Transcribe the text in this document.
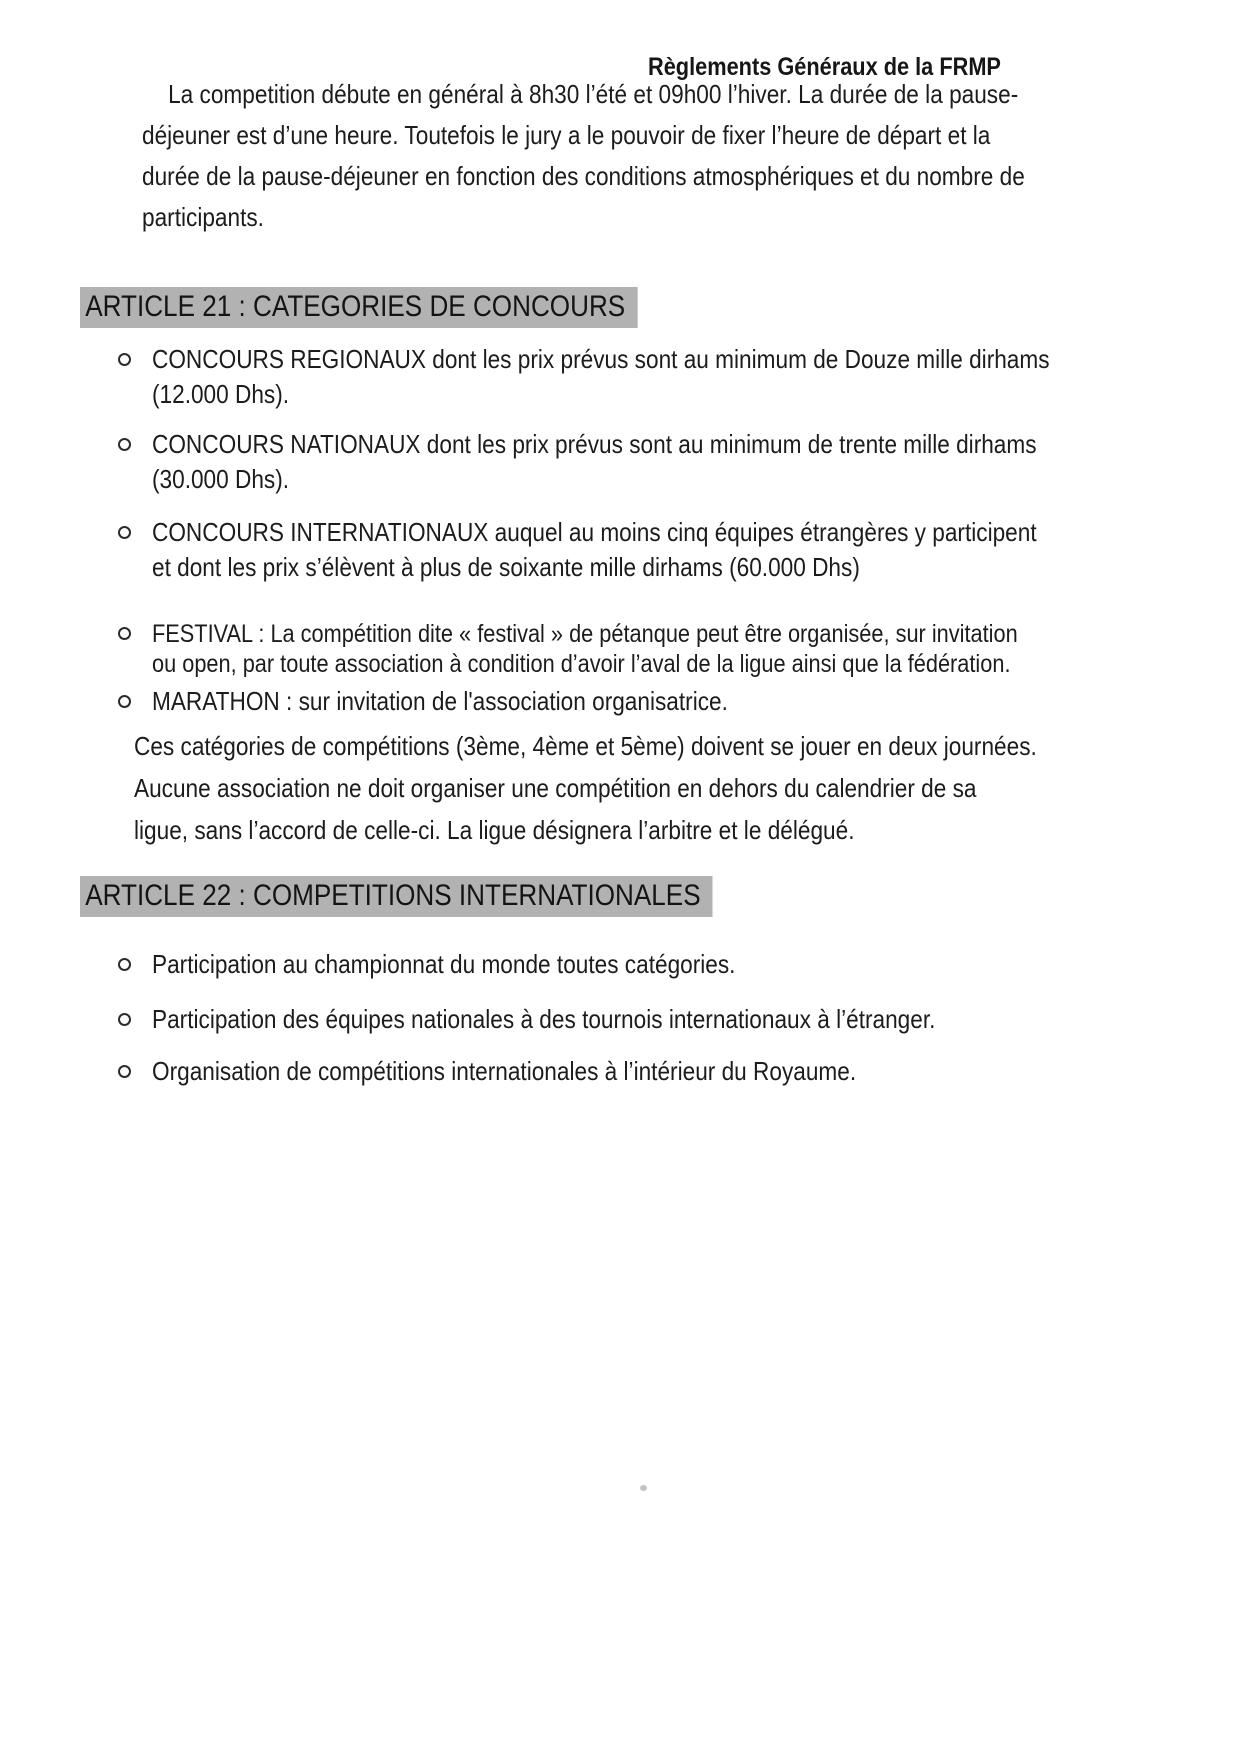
Règlements Généraux de la FRMP
La competition débute en général à 8h30 l’été et 09h00 l’hiver. La durée de la pause-
déjeuner est d’une heure. Toutefois le jury a le pouvoir de fixer l’heure de départ et la
durée de la pause-déjeuner en fonction des conditions atmosphériques et du nombre de
participants.
ARTICLE 21 : CATEGORIES DE CONCOURS
CONCOURS REGIONAUX dont les prix prévus sont au minimum de Douze mille dirhams
(12.000 Dhs).
CONCOURS NATIONAUX dont les prix prévus sont au minimum de trente mille dirhams
(30.000 Dhs).
CONCOURS INTERNATIONAUX auquel au moins cinq équipes étrangères y participent
et dont les prix s’élèvent à plus de soixante mille dirhams (60.000 Dhs)
FESTIVAL : La compétition dite « festival » de pétanque peut être organisée, sur invitation
ou open, par toute association à condition d’avoir l’aval de la ligue ainsi que la fédération.
MARATHON : sur invitation de l'association organisatrice.
Ces catégories de compétitions (3ème, 4ème et 5ème) doivent se jouer en deux journées.
Aucune association ne doit organiser une compétition en dehors du calendrier de sa
ligue, sans l’accord de celle-ci. La ligue désignera l’arbitre et le délégué.
ARTICLE 22 : COMPETITIONS INTERNATIONALES
Participation au championnat du monde toutes catégories.
Participation des équipes nationales à des tournois internationaux à l’étranger.
Organisation de compétitions internationales à l’intérieur du Royaume.
